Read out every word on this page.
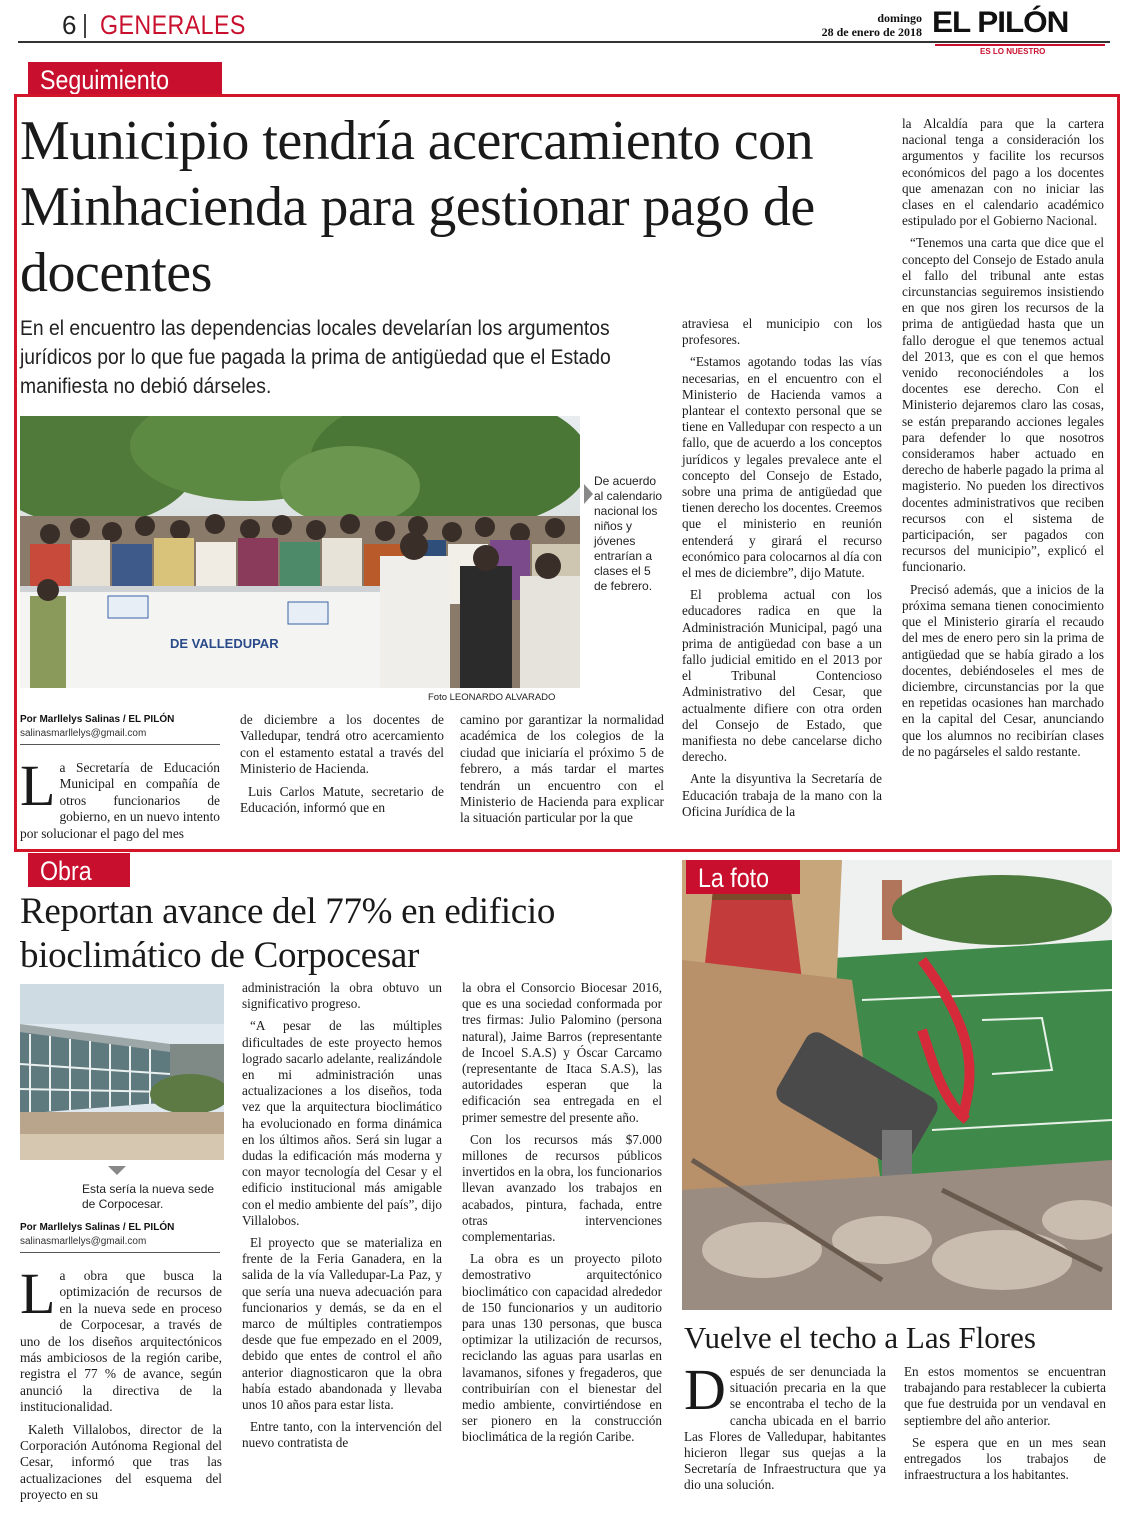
6 GENERALES	domingo
28 de enero de 2018 EL PILÓN
ES LO NUESTRO
Seguimiento
Municipio tendría acercamiento con Minhacienda para gestionar pago de docentes
En el encuentro las dependencias locales develarían los argumentos jurídicos por lo que fue pagada la prima de antigüedad que el Estado manifiesta no debió dárseles.
DE VALLEDUPAR
De acuerdo al calendario nacional los niños y jóvenes entrarían a clases el 5 de febrero.
Foto LEONARDO ALVARADO
Por Marllelys Salinas / EL PILÓN
salinasmarllelys@gmail.com
La Secretaría de Educación Municipal en compañía de otros funcionarios de gobierno, en un nuevo intento por solucionar el pago del mes

de diciembre a los docentes de Valledupar, tendrá otro acercamiento con el estamento estatal a través del Ministerio de Hacienda.

Luis Carlos Matute, secretario de Educación, informó que en

camino por garantizar la normalidad académica de los colegios de la ciudad que iniciaría el próximo 5 de febrero, a más tardar el martes tendrán un encuentro con el Ministerio de Hacienda para explicar la situación particular por la que

atraviesa el municipio con los profesores.

“Estamos agotando todas las vías necesarias, en el encuentro con el Ministerio de Hacienda vamos a plantear el contexto personal que se tiene en Valledupar con respecto a un fallo, que de acuerdo a los conceptos jurídicos y legales prevalece ante el concepto del Consejo de Estado, sobre una prima de antigüedad que tienen derecho los docentes. Creemos que el ministerio en reunión entenderá y girará el recurso económico para colocarnos al día con el mes de diciembre”, dijo Matute.

El problema actual con los educadores radica en que la Administración Municipal, pagó una prima de antigüedad con base a un fallo judicial emitido en el 2013 por el Tribunal Contencioso Administrativo del Cesar, que actualmente difiere con otra orden del Consejo de Estado, que manifiesta no debe cancelarse dicho derecho.

Ante la disyuntiva la Secretaría de Educación trabaja de la mano con la Oficina Jurídica de la

la Alcaldía para que la cartera nacional tenga a consideración los argumentos y facilite los recursos económicos del pago a los docentes que amenazan con no iniciar las clases en el calendario académico estipulado por el Gobierno Nacional.

“Tenemos una carta que dice que el concepto del Consejo de Estado anula el fallo del tribunal ante estas circunstancias seguiremos insistiendo en que nos giren los recursos de la prima de antigüedad hasta que un fallo derogue el que tenemos actual del 2013, que es con el que hemos venido reconociéndoles a los docentes ese derecho. Con el Ministerio dejaremos claro las cosas, se están preparando acciones legales para defender lo que nosotros consideramos haber actuado en derecho de haberle pagado la prima al magisterio. No pueden los directivos docentes administrativos que reciben recursos con el sistema de participación, ser pagados con recursos del municipio”, explicó el funcionario.

Precisó además, que a inicios de la próxima semana tienen conocimiento que el Ministerio giraría el recaudo del mes de enero pero sin la prima de antigüedad que se había girado a los docentes, debiéndoseles el mes de diciembre, circunstancias por la que en repetidas ocasiones han marchado en la capital del Cesar, anunciando que los alumnos no recibirían clases de no pagárseles el saldo restante.

Obra
Reportan avance del 77% en edificio bioclimático de Corpocesar
Esta sería la nueva sede de Corpocesar.
Por Marllelys Salinas / EL PILÓN
salinasmarllelys@gmail.com

La obra que busca la optimización de recursos de en la nueva sede en proceso de Corpocesar, a través de uno de los diseños arquitectónicos más ambiciosos de la región caribe, registra el 77 % de avance, según anunció la directiva de la institucionalidad.

Kaleth Villalobos, director de la Corporación Autónoma Regional del Cesar, informó que tras las actualizaciones del esquema del proyecto en su

administración la obra obtuvo un significativo progreso.

“A pesar de las múltiples dificultades de este proyecto hemos logrado sacarlo adelante, realizándole en mi administración unas actualizaciones a los diseños, toda vez que la arquitectura bioclimático ha evolucionado en forma dinámica en los últimos años. Será sin lugar a dudas la edificación más moderna y con mayor tecnología del Cesar y el edificio institucional más amigable con el medio ambiente del país”, dijo Villalobos.

El proyecto que se materializa en frente de la Feria Ganadera, en la salida de la vía Valledupar-La Paz, y que sería una nueva adecuación para funcionarios y demás, se da en el marco de múltiples contratiempos desde que fue empezado en el 2009, debido que entes de control el año anterior diagnosticaron que la obra había estado abandonada y llevaba unos 10 años para estar lista.

Entre tanto, con la intervención del nuevo contratista de

la obra el Consorcio Biocesar 2016, que es una sociedad conformada por tres firmas: Julio Palomino (persona natural), Jaime Barros (representante de Incoel S.A.S) y Óscar Carcamo (representante de Itaca S.A.S), las autoridades esperan que la edificación sea entregada en el primer semestre del presente año.

Con los recursos más $7.000 millones de recursos públicos invertidos en la obra, los funcionarios llevan avanzado los trabajos en acabados, pintura, fachada, entre otras intervenciones complementarias.

La obra es un proyecto piloto demostrativo arquitectónico bioclimático con capacidad alrededor de 150 funcionarios y un auditorio para unas 130 personas, que busca optimizar la utilización de recursos, reciclando las aguas para usarlas en lavamanos, sifones y fregaderos, que contribuirían con el bienestar del medio ambiente, convirtiéndose en ser pionero en la construcción bioclimática de la región Caribe.

La foto
Vuelve el techo a Las Flores
Después de ser denunciada la situación precaria en la que se encontraba el techo de la cancha ubicada en el barrio Las Flores de Valledupar, habitantes hicieron llegar sus quejas a la Secretaría de Infraestructura que ya dio una solución.

En estos momentos se encuentran trabajando para restablecer la cubierta que fue destruida por un vendaval en septiembre del año anterior.

Se espera que en un mes sean entregados los trabajos de infraestructura a los habitantes.
